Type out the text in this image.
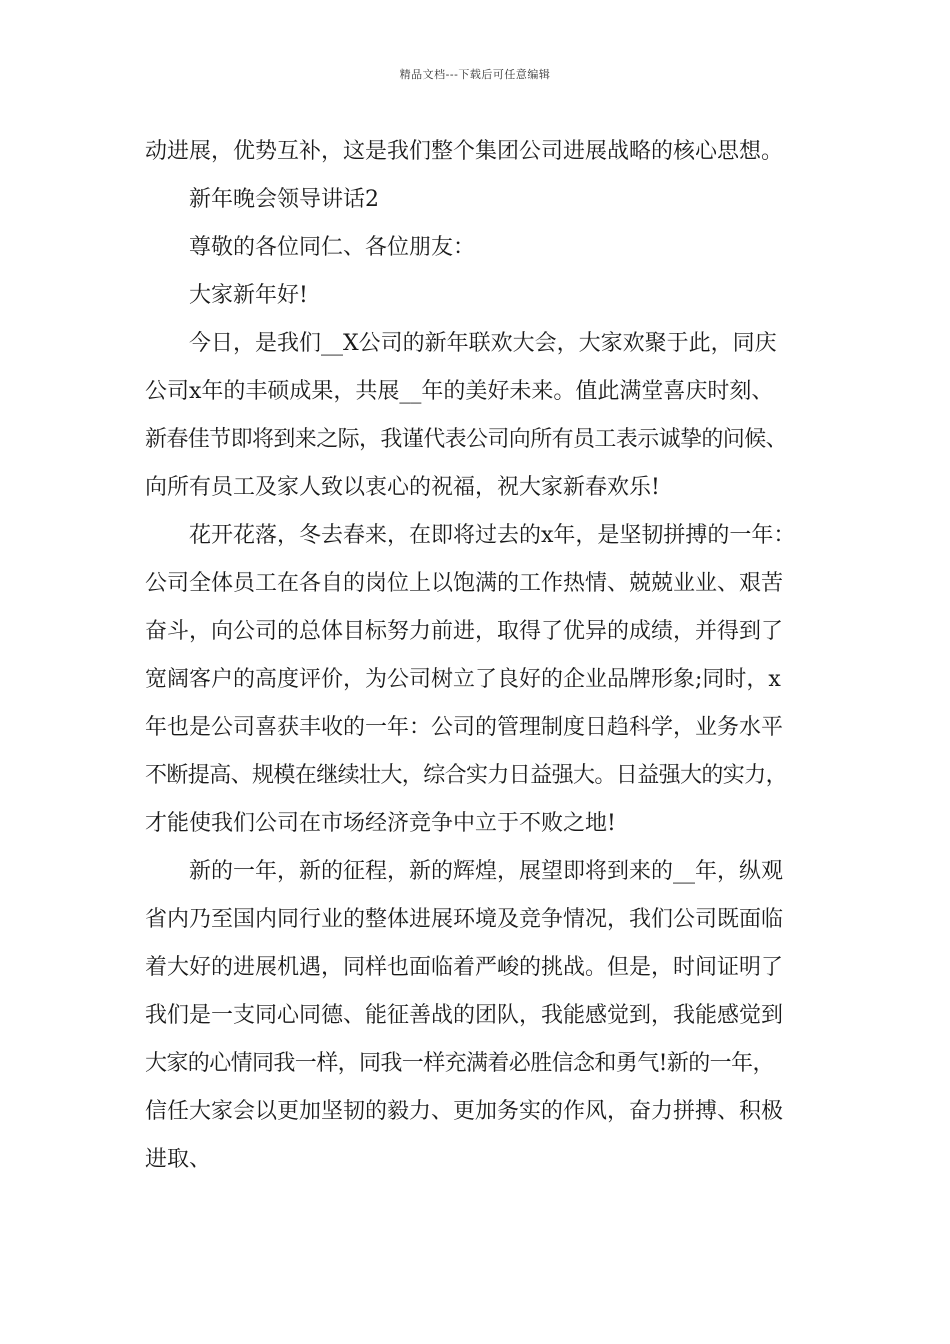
精品文档---下载后可任意编辑
动进展，优势互补，这是我们整个集团公司进展战略的核心思想。
新年晚会领导讲话2
尊敬的各位同仁、各位朋友：
大家新年好!
今日，是我们__X公司的新年联欢大会，大家欢聚于此，同庆
公司x年的丰硕成果，共展__年的美好未来。值此满堂喜庆时刻、
新春佳节即将到来之际，我谨代表公司向所有员工表示诚挚的问候、
向所有员工及家人致以衷心的祝福，祝大家新春欢乐!
花开花落，冬去春来，在即将过去的x年，是坚韧拼搏的一年：
公司全体员工在各自的岗位上以饱满的工作热情、兢兢业业、艰苦
奋斗，向公司的总体目标努力前进，取得了优异的成绩，并得到了
宽阔客户的高度评价，为公司树立了良好的企业品牌形象;同时，x
年也是公司喜获丰收的一年：公司的管理制度日趋科学，业务水平
不断提高、规模在继续壮大，综合实力日益强大。日益强大的实力，
才能使我们公司在市场经济竞争中立于不败之地!
新的一年，新的征程，新的辉煌，展望即将到来的__年，纵观
省内乃至国内同行业的整体进展环境及竞争情况，我们公司既面临
着大好的进展机遇，同样也面临着严峻的挑战。但是，时间证明了
我们是一支同心同德、能征善战的团队，我能感觉到，我能感觉到
大家的心情同我一样，同我一样充满着必胜信念和勇气!新的一年，
信任大家会以更加坚韧的毅力、更加务实的作风，奋力拼搏、积极
进取、
